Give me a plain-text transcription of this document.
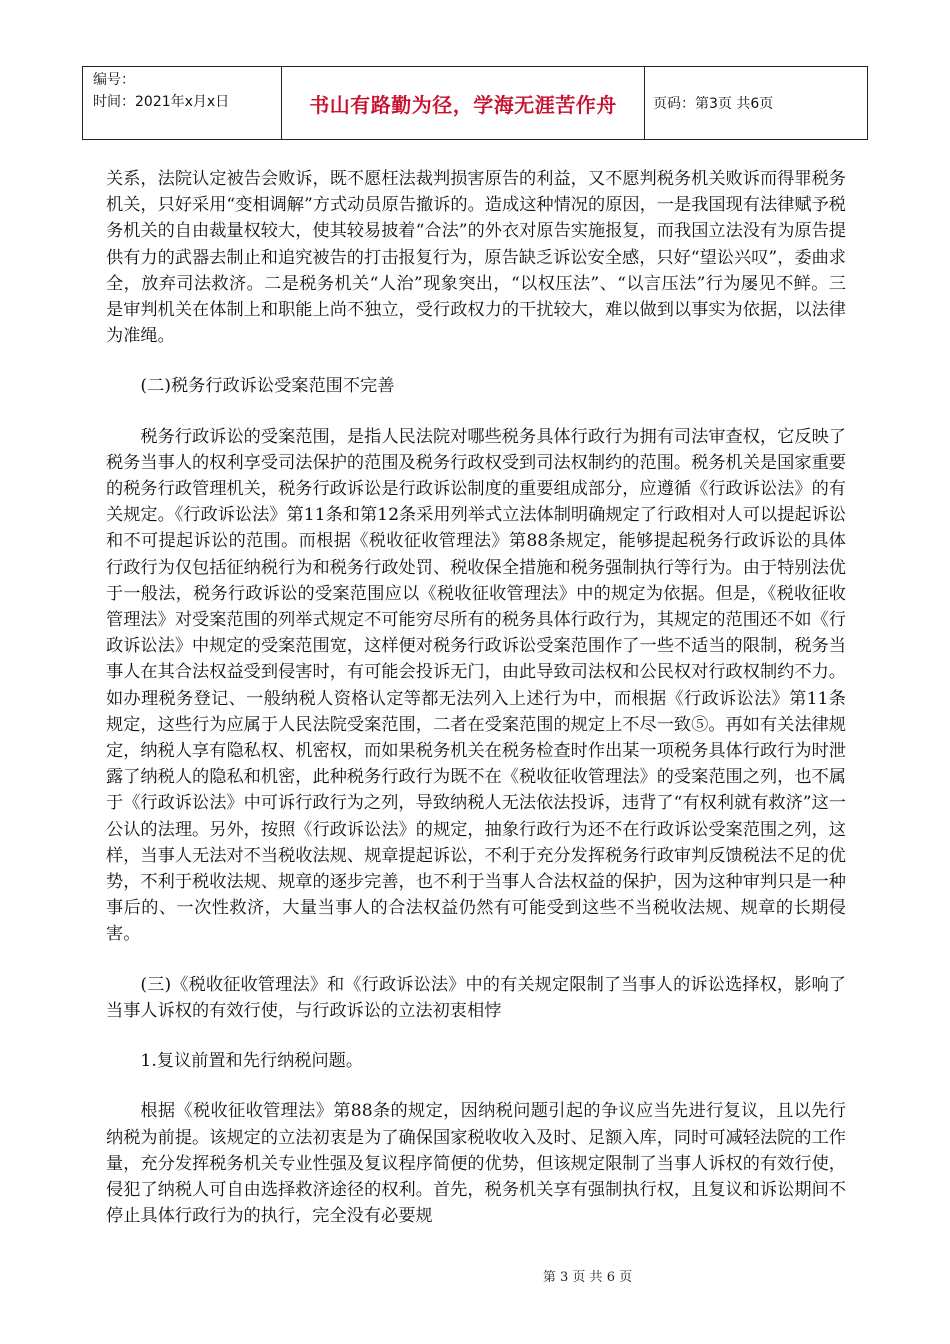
编号：
时间：2021年x月x日	书山有路勤为径，学海无涯苦作舟	页码：第3页 共6页

关系，法院认定被告会败诉，既不愿枉法裁判损害原告的利益，又不愿判税务机关败诉而得罪税务机关，只好采用“变相调解”方式动员原告撤诉的。造成这种情况的原因，一是我国现有法律赋予税务机关的自由裁量权较大，使其较易披着“合法”的外衣对原告实施报复，而我国立法没有为原告提供有力的武器去制止和追究被告的打击报复行为，原告缺乏诉讼安全感，只好“望讼兴叹”，委曲求全，放弃司法救济。二是税务机关“人治”现象突出，“以权压法”、“以言压法”行为屡见不鲜。三是审判机关在体制上和职能上尚不独立，受行政权力的干扰较大，难以做到以事实为依据，以法律为准绳。

(二)税务行政诉讼受案范围不完善

税务行政诉讼的受案范围，是指人民法院对哪些税务具体行政行为拥有司法审查权，它反映了税务当事人的权利享受司法保护的范围及税务行政权受到司法权制约的范围。税务机关是国家重要的税务行政管理机关，税务行政诉讼是行政诉讼制度的重要组成部分，应遵循《行政诉讼法》的有关规定。《行政诉讼法》第11条和第12条采用列举式立法体制明确规定了行政相对人可以提起诉讼和不可提起诉讼的范围。而根据《税收征收管理法》第88条规定，能够提起税务行政诉讼的具体行政行为仅包括征纳税行为和税务行政处罚、税收保全措施和税务强制执行等行为。由于特别法优于一般法，税务行政诉讼的受案范围应以《税收征收管理法》中的规定为依据。但是，《税收征收管理法》对受案范围的列举式规定不可能穷尽所有的税务具体行政行为，其规定的范围还不如《行政诉讼法》中规定的受案范围宽，这样便对税务行政诉讼受案范围作了一些不适当的限制，税务当事人在其合法权益受到侵害时，有可能会投诉无门，由此导致司法权和公民权对行政权制约不力。如办理税务登记、一般纳税人资格认定等都无法列入上述行为中，而根据《行政诉讼法》第11条规定，这些行为应属于人民法院受案范围，二者在受案范围的规定上不尽一致⑤。再如有关法律规定，纳税人享有隐私权、机密权，而如果税务机关在税务检查时作出某一项税务具体行政行为时泄露了纳税人的隐私和机密，此种税务行政行为既不在《税收征收管理法》的受案范围之列，也不属于《行政诉讼法》中可诉行政行为之列，导致纳税人无法依法投诉，违背了“有权利就有救济”这一公认的法理。另外，按照《行政诉讼法》的规定，抽象行政行为还不在行政诉讼受案范围之列，这样，当事人无法对不当税收法规、规章提起诉讼，不利于充分发挥税务行政审判反馈税法不足的优势，不利于税收法规、规章的逐步完善，也不利于当事人合法权益的保护，因为这种审判只是一种事后的、一次性救济，大量当事人的合法权益仍然有可能受到这些不当税收法规、规章的长期侵害。

(三)《税收征收管理法》和《行政诉讼法》中的有关规定限制了当事人的诉讼选择权，影响了当事人诉权的有效行使，与行政诉讼的立法初衷相悖

1.复议前置和先行纳税问题。

根据《税收征收管理法》第88条的规定，因纳税问题引起的争议应当先进行复议，且以先行纳税为前提。该规定的立法初衷是为了确保国家税收收入及时、足额入库，同时可减轻法院的工作量，充分发挥税务机关专业性强及复议程序简便的优势，但该规定限制了当事人诉权的有效行使，侵犯了纳税人可自由选择救济途径的权利。首先，税务机关享有强制执行权，且复议和诉讼期间不停止具体行政行为的执行，完全没有必要规

第 3 页 共 6 页
